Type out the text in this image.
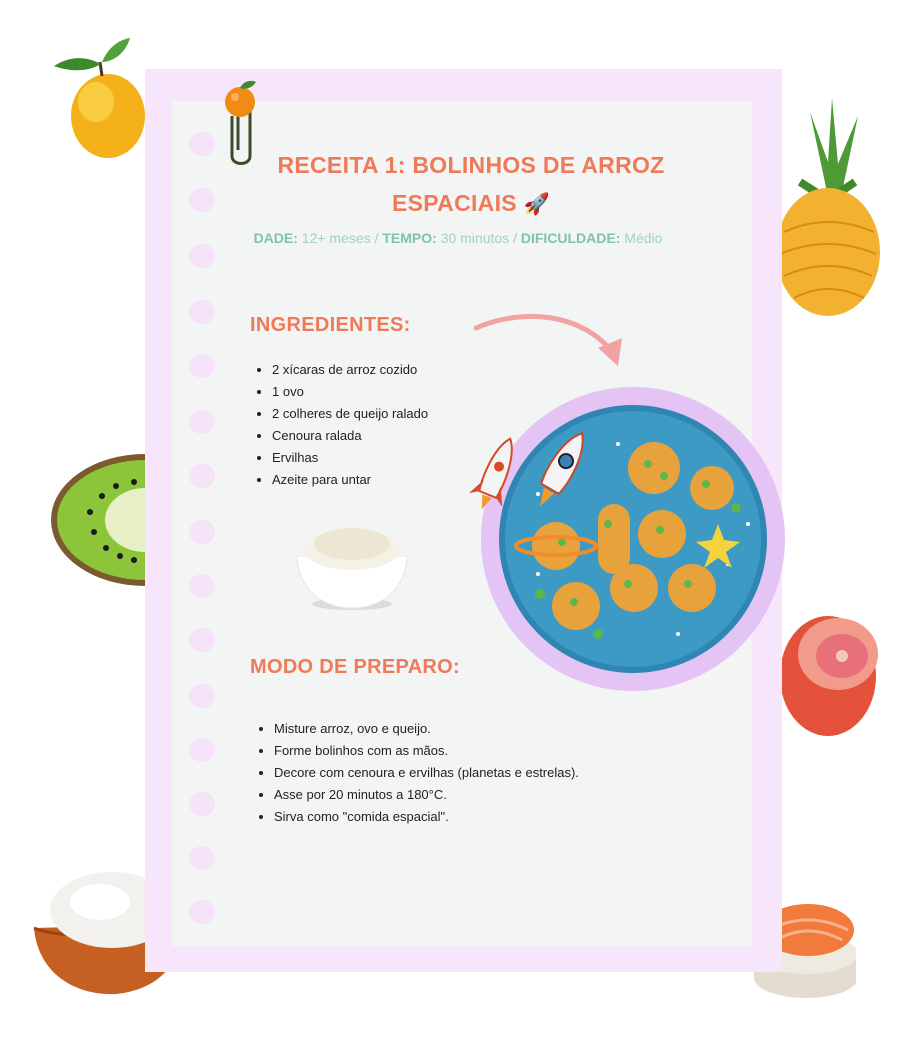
RECEITA 1: BOLINHOS DE ARROZ
ESPACIAIS 🚀
DADE: 12+ meses / TEMPO: 30 minutos / DIFICULDADE: Médio
INGREDIENTES:
• 2 xícaras de arroz cozido
• 1 ovo
• 2 colheres de queijo ralado
• Cenoura ralada
• Ervilhas
• Azeite para untar
MODO DE PREPARO:
• Misture arroz, ovo e queijo.
• Forme bolinhos com as mãos.
• Decore com cenoura e ervilhas (planetas e estrelas).
• Asse por 20 minutos a 180°C.
• Sirva como "comida espacial".
